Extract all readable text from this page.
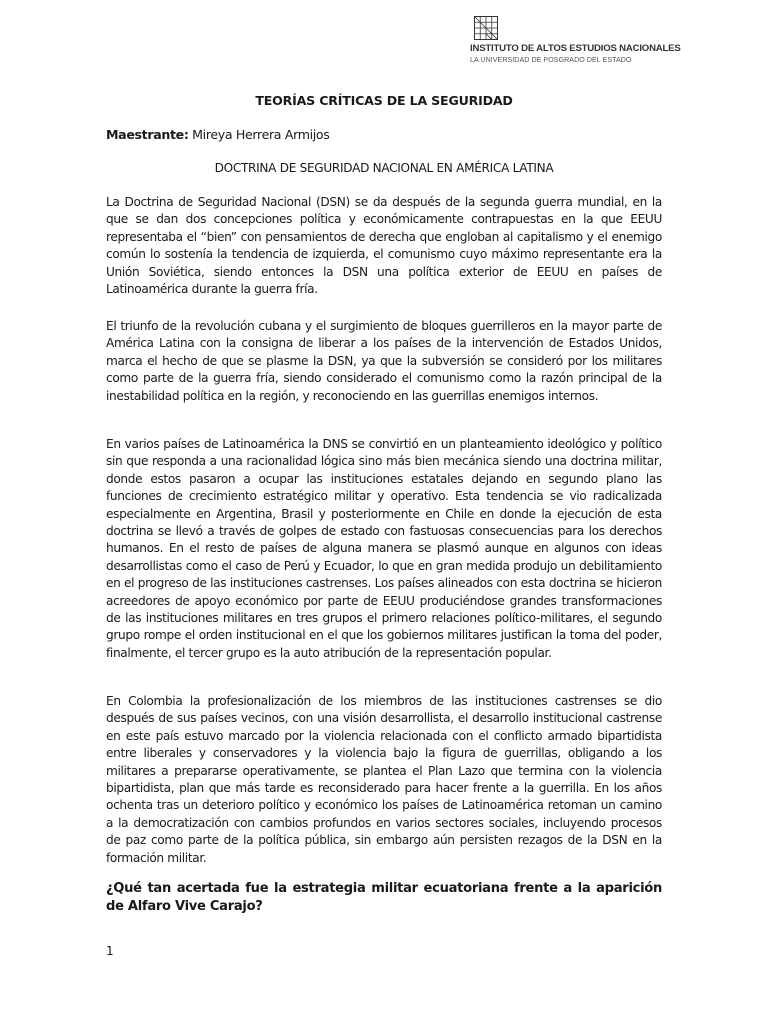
INSTITUTO DE ALTOS ESTUDIOS NACIONALES
LA UNIVERSIDAD DE POSGRADO DEL ESTADO
TEORÍAS CRÍTICAS DE LA SEGURIDAD
Maestrante: Mireya Herrera Armijos
DOCTRINA DE SEGURIDAD NACIONAL EN AMÉRICA LATINA
La Doctrina de Seguridad Nacional (DSN) se da después de la segunda guerra mundial, en la que se dan dos concepciones política y económicamente contrapuestas en la que EEUU representaba el “bien” con pensamientos de derecha que engloban al capitalismo y el enemigo común lo sostenía la tendencia de izquierda, el comunismo cuyo máximo representante era la Unión Soviética, siendo entonces la DSN una política exterior de EEUU en países de Latinoamérica durante la guerra fría.
El triunfo de la revolución cubana y el surgimiento de bloques guerrilleros en la mayor parte de América Latina con la consigna de liberar a los países de la intervención de Estados Unidos, marca el hecho de que se plasme la DSN, ya que la subversión se consideró por los militares como parte de la guerra fría, siendo considerado el comunismo como la razón principal de la inestabilidad política en la región, y reconociendo en las guerrillas enemigos internos.
En varios países de Latinoamérica la DNS se convirtió en un planteamiento ideológico y político sin que responda a una racionalidad lógica sino más bien mecánica siendo una doctrina militar, donde estos pasaron a ocupar las instituciones estatales dejando en segundo plano las funciones de crecimiento estratégico militar y operativo. Esta tendencia se vio radicalizada especialmente en Argentina, Brasil y posteriormente en Chile en donde la ejecución de esta doctrina se llevó a través de golpes de estado con fastuosas consecuencias para los derechos humanos. En el resto de países de alguna manera se plasmó aunque en algunos con ideas desarrollistas como el caso de Perú y Ecuador, lo que en gran medida produjo un debilitamiento en el progreso de las instituciones castrenses. Los países alineados con esta doctrina se hicieron acreedores de apoyo económico por parte de EEUU produciéndose grandes transformaciones de las instituciones militares en tres grupos el primero relaciones político-militares, el segundo grupo rompe el orden institucional en el que los gobiernos militares justifican la toma del poder, finalmente, el tercer grupo es la auto atribución de la representación popular.
En Colombia la profesionalización de los miembros de las instituciones castrenses se dio después de sus países vecinos, con una visión desarrollista, el desarrollo institucional castrense en este país estuvo marcado por la violencia relacionada con el conflicto armado bipartidista entre liberales y conservadores y la violencia bajo la figura de guerrillas, obligando a los militares a prepararse operativamente, se plantea el Plan Lazo que termina con la violencia bipartidista, plan que más tarde es reconsiderado para hacer frente a la guerrilla. En los años ochenta tras un deterioro político y económico los países de Latinoamérica retoman un camino a la democratización con cambios profundos en varios sectores sociales, incluyendo procesos de paz como parte de la política pública, sin embargo aún persisten rezagos de la DSN en la formación militar.
¿Qué tan acertada fue la estrategia militar ecuatoriana frente a la aparición de Alfaro Vive Carajo?
1
